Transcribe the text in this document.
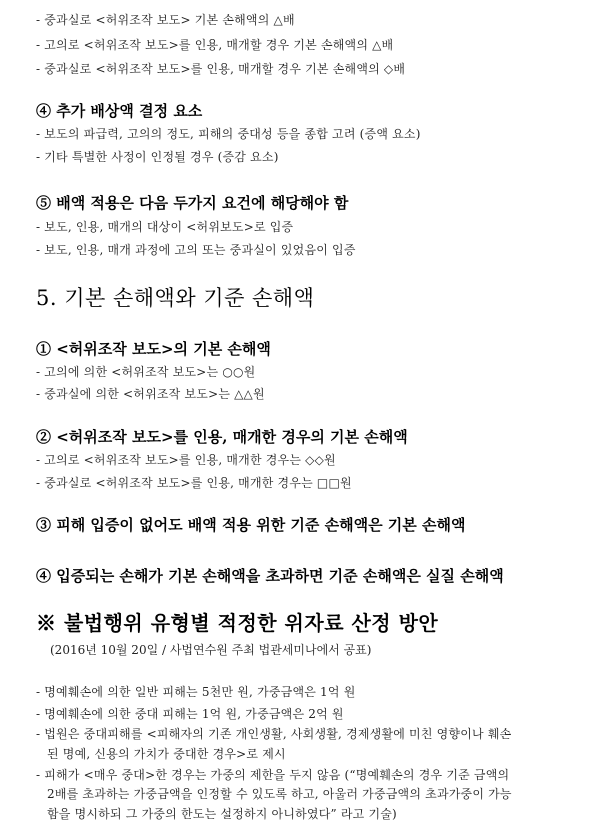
- 중과실로 <허위조작 보도> 기본 손해액의 △배
- 고의로 <허위조작 보도>를 인용, 매개할 경우 기본 손해액의 △배
- 중과실로 <허위조작 보도>를 인용, 매개할 경우 기본 손해액의 ◇배
④ 추가 배상액 결정 요소
- 보도의 파급력, 고의의 정도, 피해의 중대성 등을 종합 고려 (증액 요소)
- 기타 특별한 사정이 인정될 경우 (증감 요소)
⑤ 배액 적용은 다음 두가지 요건에 해당해야 함
- 보도, 인용, 매개의 대상이 <허위보도>로 입증
- 보도, 인용, 매개 과정에 고의 또는 중과실이 있었음이 입증
5. 기본 손해액와 기준 손해액
① <허위조작 보도>의 기본 손해액
- 고의에 의한 <허위조작 보도>는 ○○원
- 중과실에 의한 <허위조작 보도>는 △△원
② <허위조작 보도>를 인용, 매개한 경우의 기본 손해액
- 고의로 <허위조작 보도>를 인용, 매개한 경우는 ◇◇원
- 중과실로 <허위조작 보도>를 인용, 매개한 경우는 □□원
③ 피해 입증이 없어도 배액 적용 위한 기준 손해액은 기본 손해액
④ 입증되는 손해가 기본 손해액을 초과하면 기준 손해액은 실질 손해액
※ 불법행위 유형별 적정한 위자료 산정 방안
(2016년 10월 20일 / 사법연수원 주최 법관세미나에서 공표)
- 명예훼손에 의한 일반 피해는 5천만 원, 가중금액은 1억 원
- 명예훼손에 의한 중대 피해는 1억 원, 가중금액은 2억 원
- 법원은 중대피해를 <피해자의 기존 개인생활, 사회생활, 경제생활에 미친 영향이나 훼손
된 명예, 신용의 가치가 중대한 경우>로 제시
- 피해가 <매우 중대>한 경우는 가중의 제한을 두지 않음 (“명예훼손의 경우 기준 금액의
2배를 초과하는 가중금액을 인정할 수 있도록 하고, 아울러 가중금액의 초과가중이 가능
함을 명시하되 그 가중의 한도는 설정하지 아니하였다” 라고 기술)
